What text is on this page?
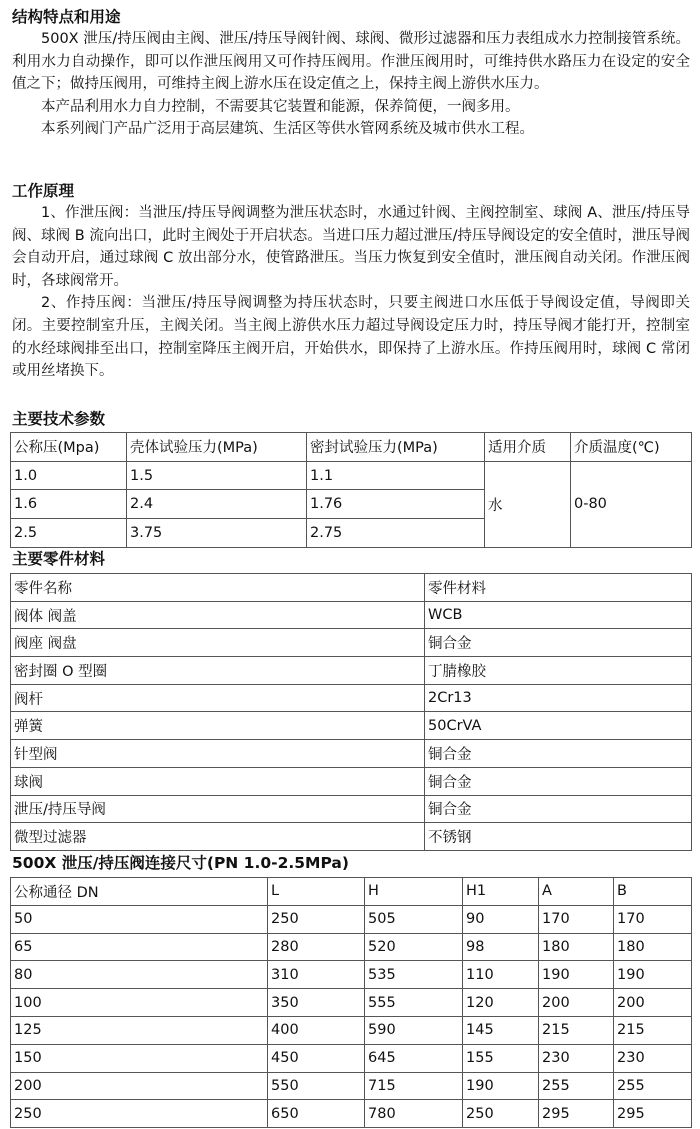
结构特点和用途

500X 泄压/持压阀由主阀、泄压/持压导阀针阀、球阀、微形过滤器和压力表组成水力控制接管系统。利用水力自动操作，即可以作泄压阀用又可作持压阀用。作泄压阀用时，可维持供水路压力在设定的安全值之下；做持压阀用，可维持主阀上游水压在设定值之上，保持主阀上游供水压力。

本产品利用水力自力控制，不需要其它装置和能源，保养简便，一阀多用。

本系列阀门产品广泛用于高层建筑、生活区等供水管网系统及城市供水工程。

工作原理

1、作泄压阀：当泄压/持压导阀调整为泄压状态时，水通过针阀、主阀控制室、球阀 A、泄压/持压导阀、球阀 B 流向出口，此时主阀处于开启状态。当进口压力超过泄压/持压导阀设定的安全值时，泄压导阀会自动开启，通过球阀 C 放出部分水，使管路泄压。当压力恢复到安全值时，泄压阀自动关闭。作泄压阀时，各球阀常开。

2、作持压阀：当泄压/持压导阀调整为持压状态时，只要主阀进口水压低于导阀设定值，导阀即关闭。主要控制室升压，主阀关闭。当主阀上游供水压力超过导阀设定压力时，持压导阀才能打开，控制室的水经球阀排至出口，控制室降压主阀开启，开始供水，即保持了上游水压。作持压阀用时，球阀 C 常闭或用丝堵换下。

主要技术参数

公称压(Mpa)	壳体试验压力(MPa)	密封试验压力(MPa)	适用介质	介质温度(℃)
1.0	1.5	1.1	水	0-80
1.6	2.4	1.76		
2.5	3.75	2.75		

主要零件材料

零件名称	零件材料
阀体 阀盖	WCB
阀座 阀盘	铜合金
密封圈 O 型圈	丁腈橡胶
阀杆	2Cr13
弹簧	50CrVA
针型阀	铜合金
球阀	铜合金
泄压/持压导阀	铜合金
微型过滤器	不锈钢

500X 泄压/持压阀连接尺寸(PN 1.0-2.5MPa)

公称通径 DN	L	H	H1	A	B
50	250	505	90	170	170
65	280	520	98	180	180
80	310	535	110	190	190
100	350	555	120	200	200
125	400	590	145	215	215
150	450	645	155	230	230
200	550	715	190	255	255
250	650	780	250	295	295
